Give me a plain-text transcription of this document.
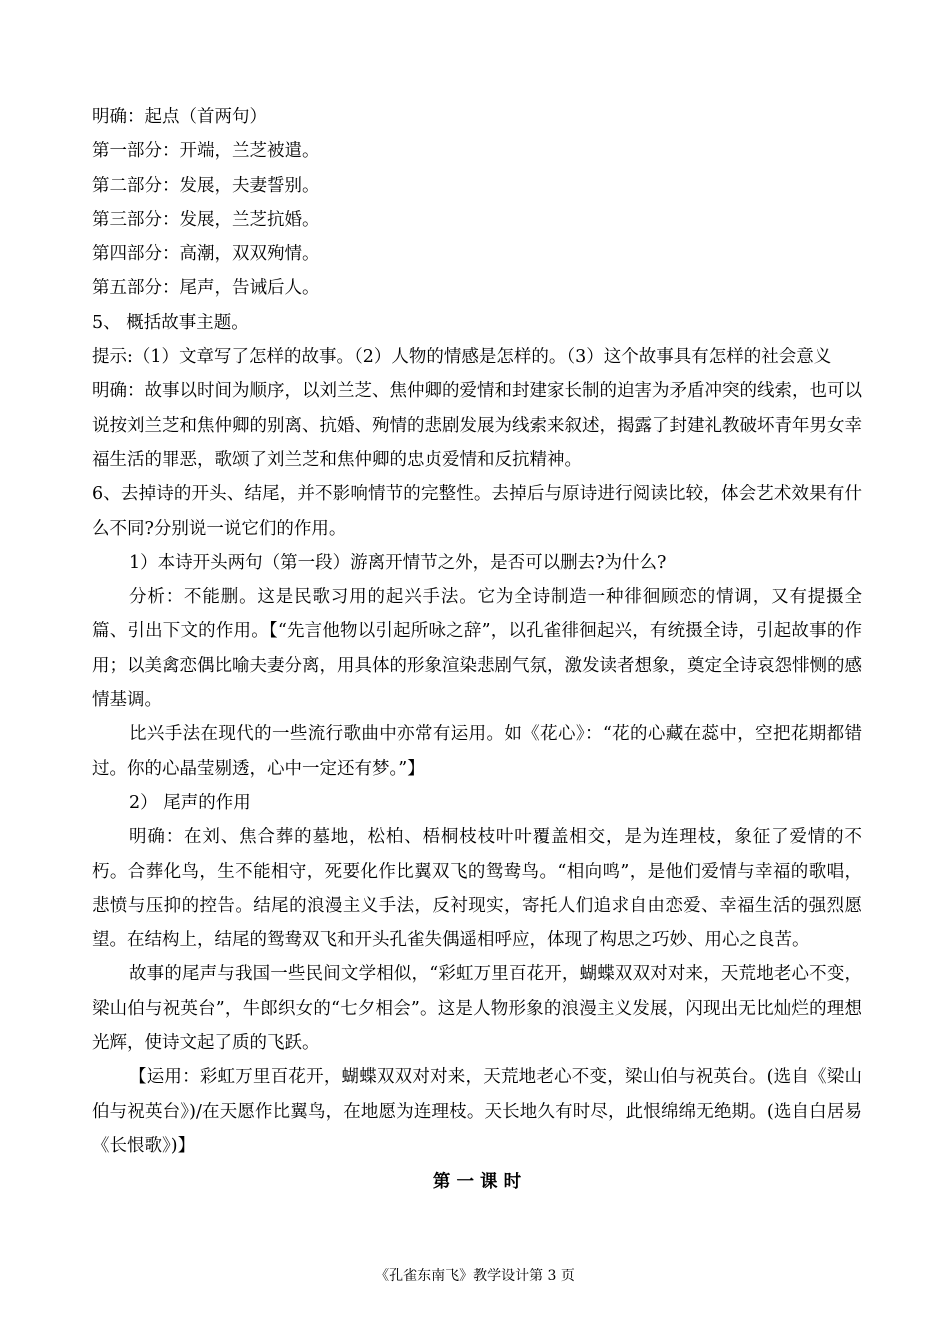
明确：起点（首两句）
第一部分：开端，兰芝被遣。
第二部分：发展，夫妻誓别。
第三部分：发展，兰芝抗婚。
第四部分：高潮，双双殉情。
第五部分：尾声，告诫后人。
5、 概括故事主题。
提示:（1）文章写了怎样的故事。（2）人物的情感是怎样的。（3）这个故事具有怎样的社会意义
明确：故事以时间为顺序，以刘兰芝、焦仲卿的爱情和封建家长制的迫害为矛盾冲突的线索，也可以说按刘兰芝和焦仲卿的别离、抗婚、殉情的悲剧发展为线索来叙述，揭露了封建礼教破坏青年男女幸福生活的罪恶，歌颂了刘兰芝和焦仲卿的忠贞爱情和反抗精神。
6、去掉诗的开头、结尾，并不影响情节的完整性。去掉后与原诗进行阅读比较，体会艺术效果有什么不同?分别说一说它们的作用。
1）本诗开头两句（第一段）游离开情节之外，是否可以删去?为什么?
分析：不能删。这是民歌习用的起兴手法。它为全诗制造一种徘徊顾恋的情调，又有提摄全篇、引出下文的作用。【“先言他物以引起所咏之辞”，以孔雀徘徊起兴，有统摄全诗，引起故事的作用；以美禽恋偶比喻夫妻分离，用具体的形象渲染悲剧气氛，激发读者想象，奠定全诗哀怨悱恻的感情基调。
比兴手法在现代的一些流行歌曲中亦常有运用。如《花心》：“花的心藏在蕊中，空把花期都错过。你的心晶莹剔透，心中一定还有梦。”】
2） 尾声的作用
明确：在刘、焦合葬的墓地，松柏、梧桐枝枝叶叶覆盖相交，是为连理枝，象征了爱情的不朽。合葬化鸟，生不能相守，死要化作比翼双飞的鸳鸯鸟。“相向鸣”，是他们爱情与幸福的歌唱，悲愤与压抑的控告。结尾的浪漫主义手法，反衬现实，寄托人们追求自由恋爱、幸福生活的强烈愿望。在结构上，结尾的鸳鸯双飞和开头孔雀失偶遥相呼应，体现了构思之巧妙、用心之良苦。
故事的尾声与我国一些民间文学相似，“彩虹万里百花开，蝴蝶双双对对来，天荒地老心不变，梁山伯与祝英台”，牛郎织女的“七夕相会”。这是人物形象的浪漫主义发展，闪现出无比灿烂的理想光辉，使诗文起了质的飞跃。
【运用：彩虹万里百花开，蝴蝶双双对对来，天荒地老心不变，梁山伯与祝英台。(选自《梁山伯与祝英台》)/在天愿作比翼鸟，在地愿为连理枝。天长地久有时尽，此恨绵绵无绝期。(选自白居易《长恨歌》)】
第 一 课 时
《孔雀东南飞》教学设计第 3 页
